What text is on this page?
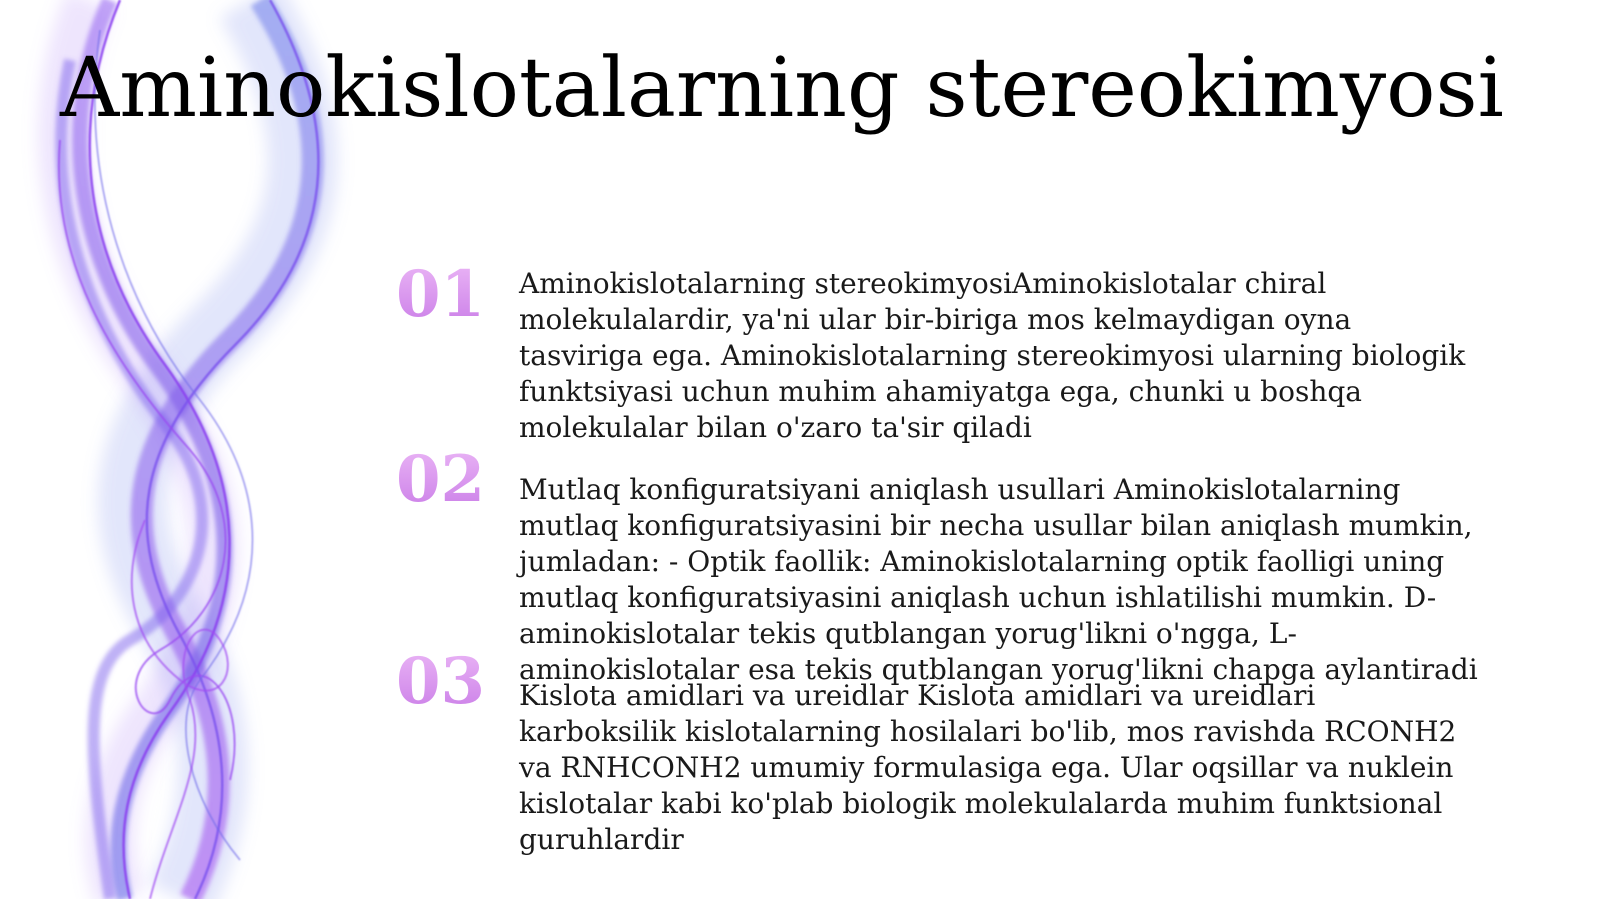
Aminokislotalarning stereokimyosi
01 Aminokislotalarning stereokimyosiAminokislotalar chiral molekulalardir, ya'ni ular bir-biriga mos kelmaydigan oyna tasviriga ega. Aminokislotalarning stereokimyosi ularning biologik funktsiyasi uchun muhim ahamiyatga ega, chunki u boshqa molekulalar bilan o'zaro ta'sir qiladi

02 Mutlaq konfiguratsiyani aniqlash usullari Aminokislotalarning mutlaq konfiguratsiyasini bir necha usullar bilan aniqlash mumkin, jumladan: - Optik faollik: Aminokislotalarning optik faolligi uning mutlaq konfiguratsiyasini aniqlash uchun ishlatilishi mumkin. D-aminokislotalar tekis qutblangan yorug'likni o'ngga, L-aminokislotalar esa tekis qutblangan yorug'likni chapga aylantiradi

03 Kislota amidlari va ureidlar Kislota amidlari va ureidlari karboksilik kislotalarning hosilalari bo'lib, mos ravishda RCONH2 va RNHCONH2 umumiy formulasiga ega. Ular oqsillar va nuklein kislotalar kabi ko'plab biologik molekulalarda muhim funktsional guruhlardir
